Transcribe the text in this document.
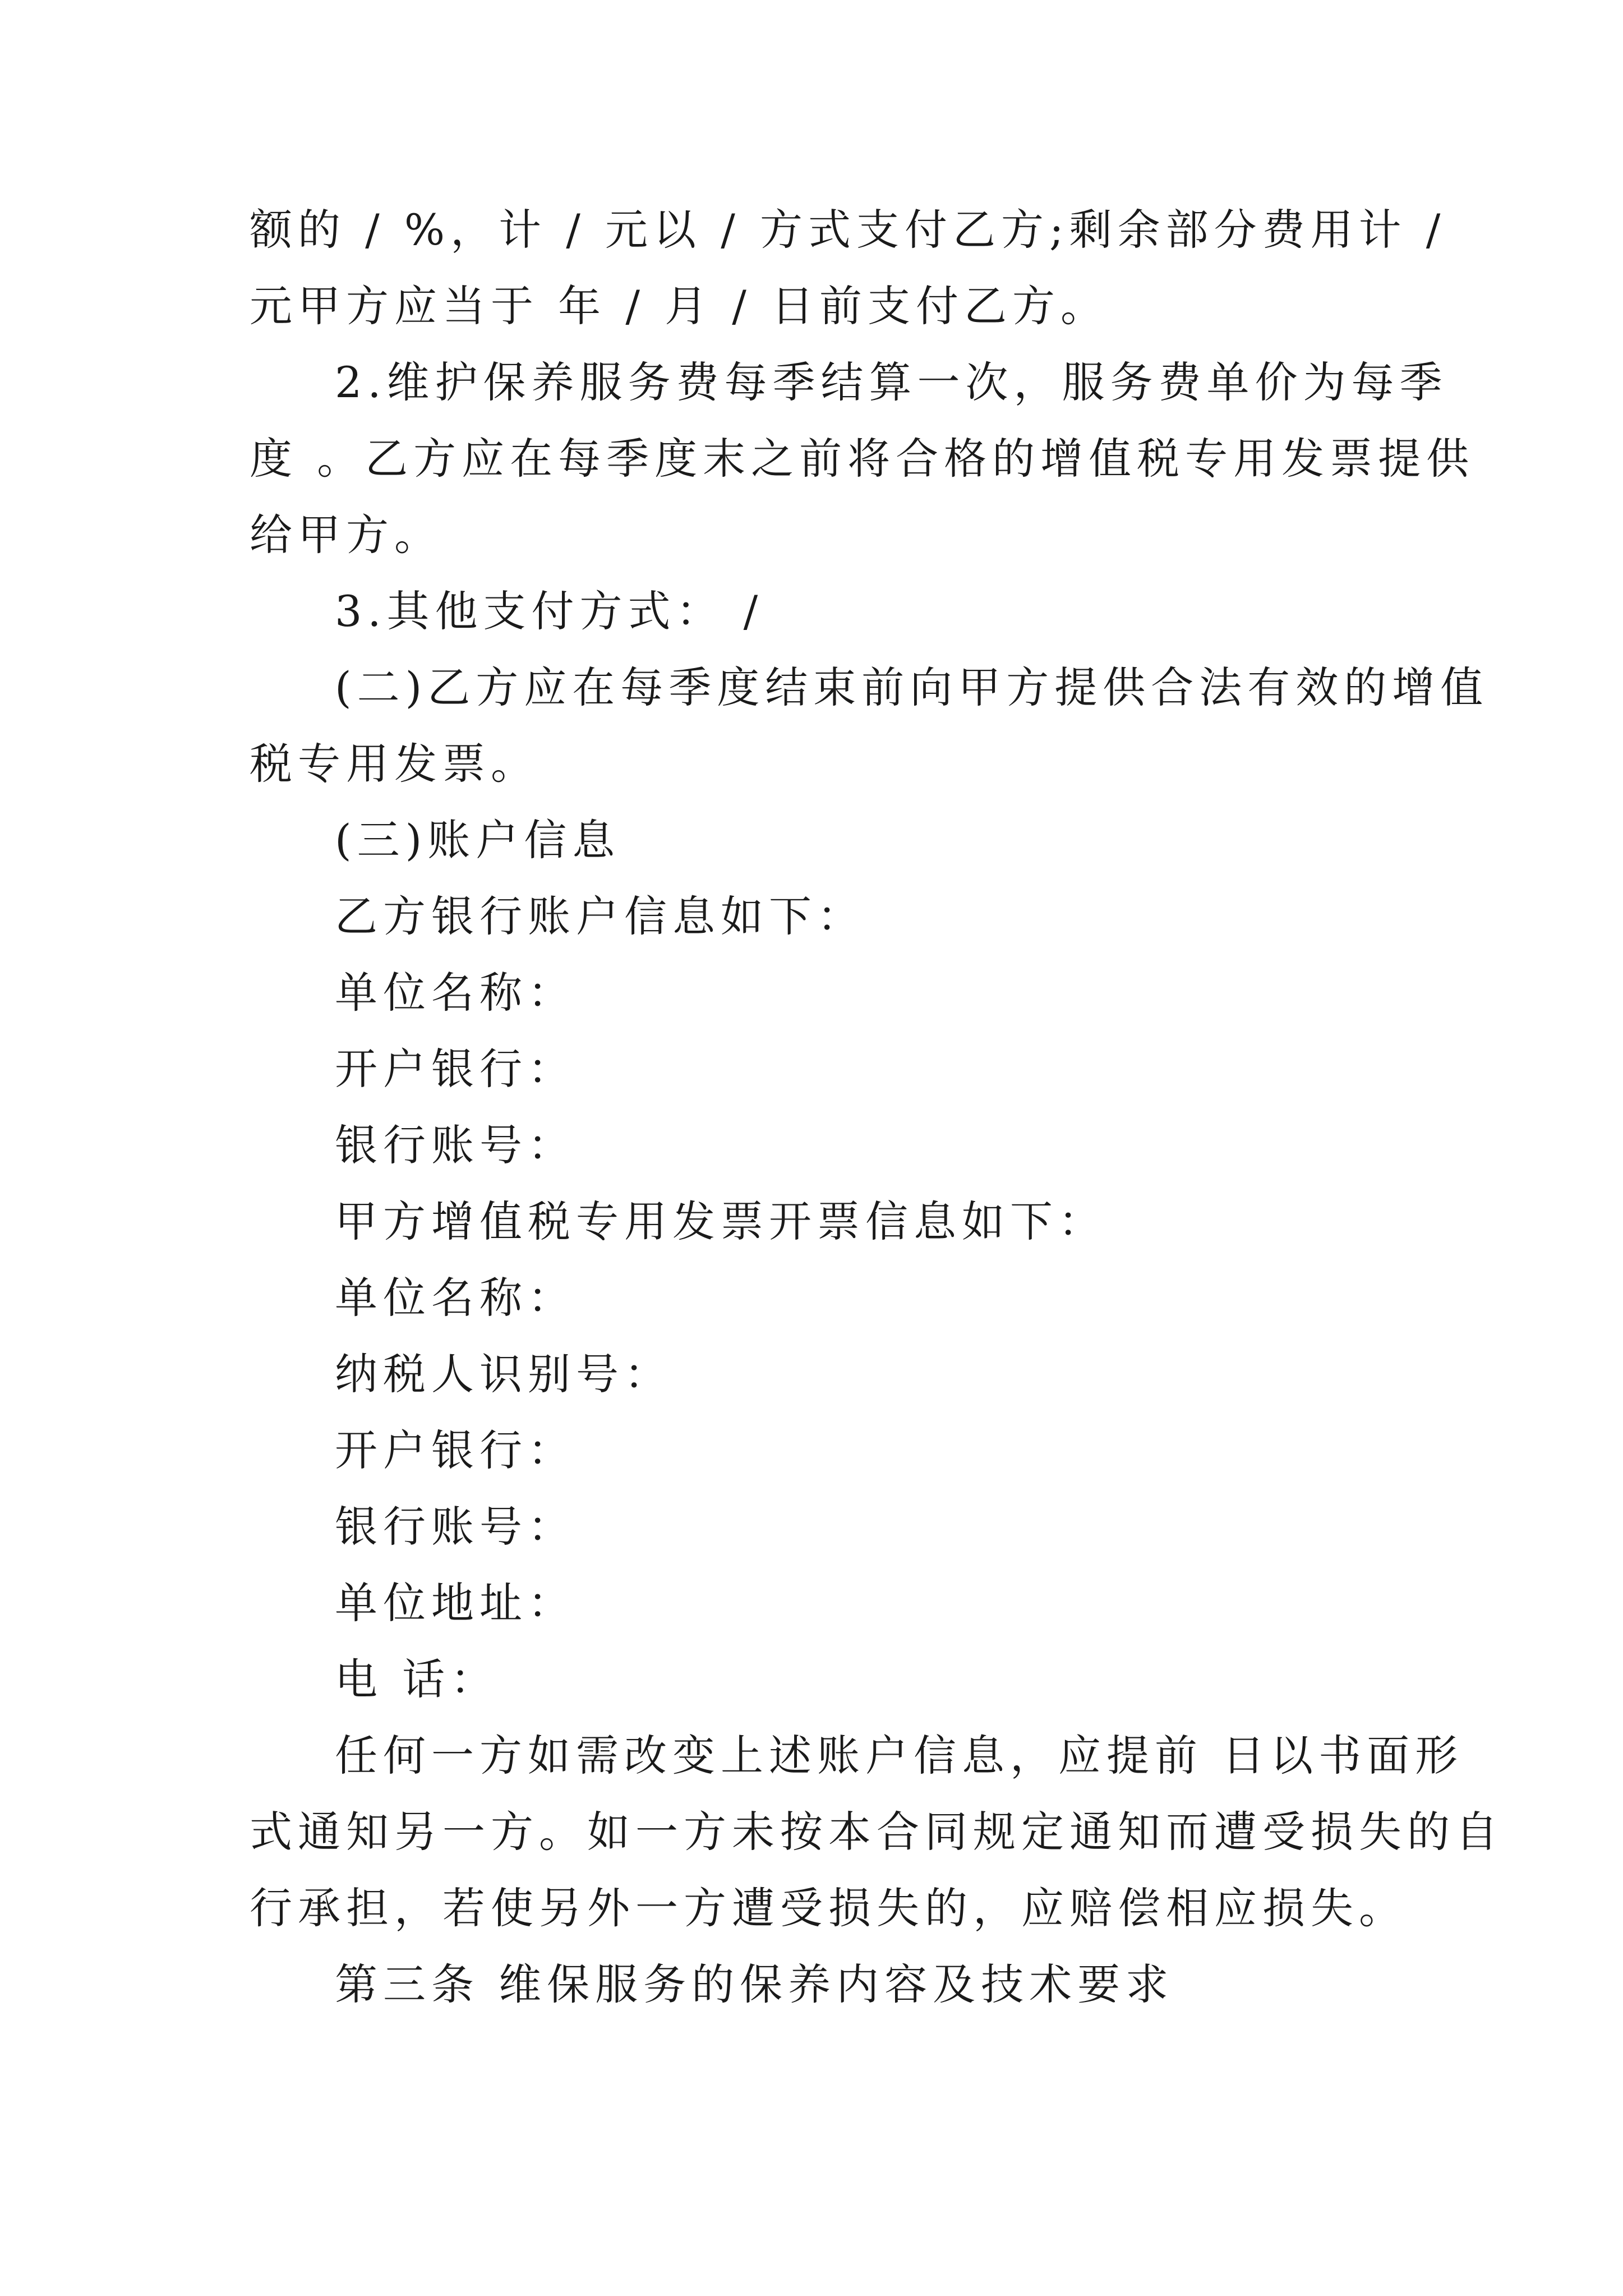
额的 / %，计 / 元以 / 方式支付乙方;剩余部分费用计 /
元甲方应当于 年 / 月 / 日前支付乙方。
2.维护保养服务费每季结算一次，服务费单价为每季
度 。乙方应在每季度末之前将合格的增值税专用发票提供
给甲方。
3.其他支付方式： /
(二)乙方应在每季度结束前向甲方提供合法有效的增值
税专用发票。
(三)账户信息
乙方银行账户信息如下：
单位名称：
开户银行：
银行账号：
甲方增值税专用发票开票信息如下：
单位名称：
纳税人识别号：
开户银行：
银行账号：
单位地址：
电 话：
任何一方如需改变上述账户信息，应提前 日以书面形
式通知另一方。如一方未按本合同规定通知而遭受损失的自
行承担，若使另外一方遭受损失的，应赔偿相应损失。
第三条 维保服务的保养内容及技术要求
